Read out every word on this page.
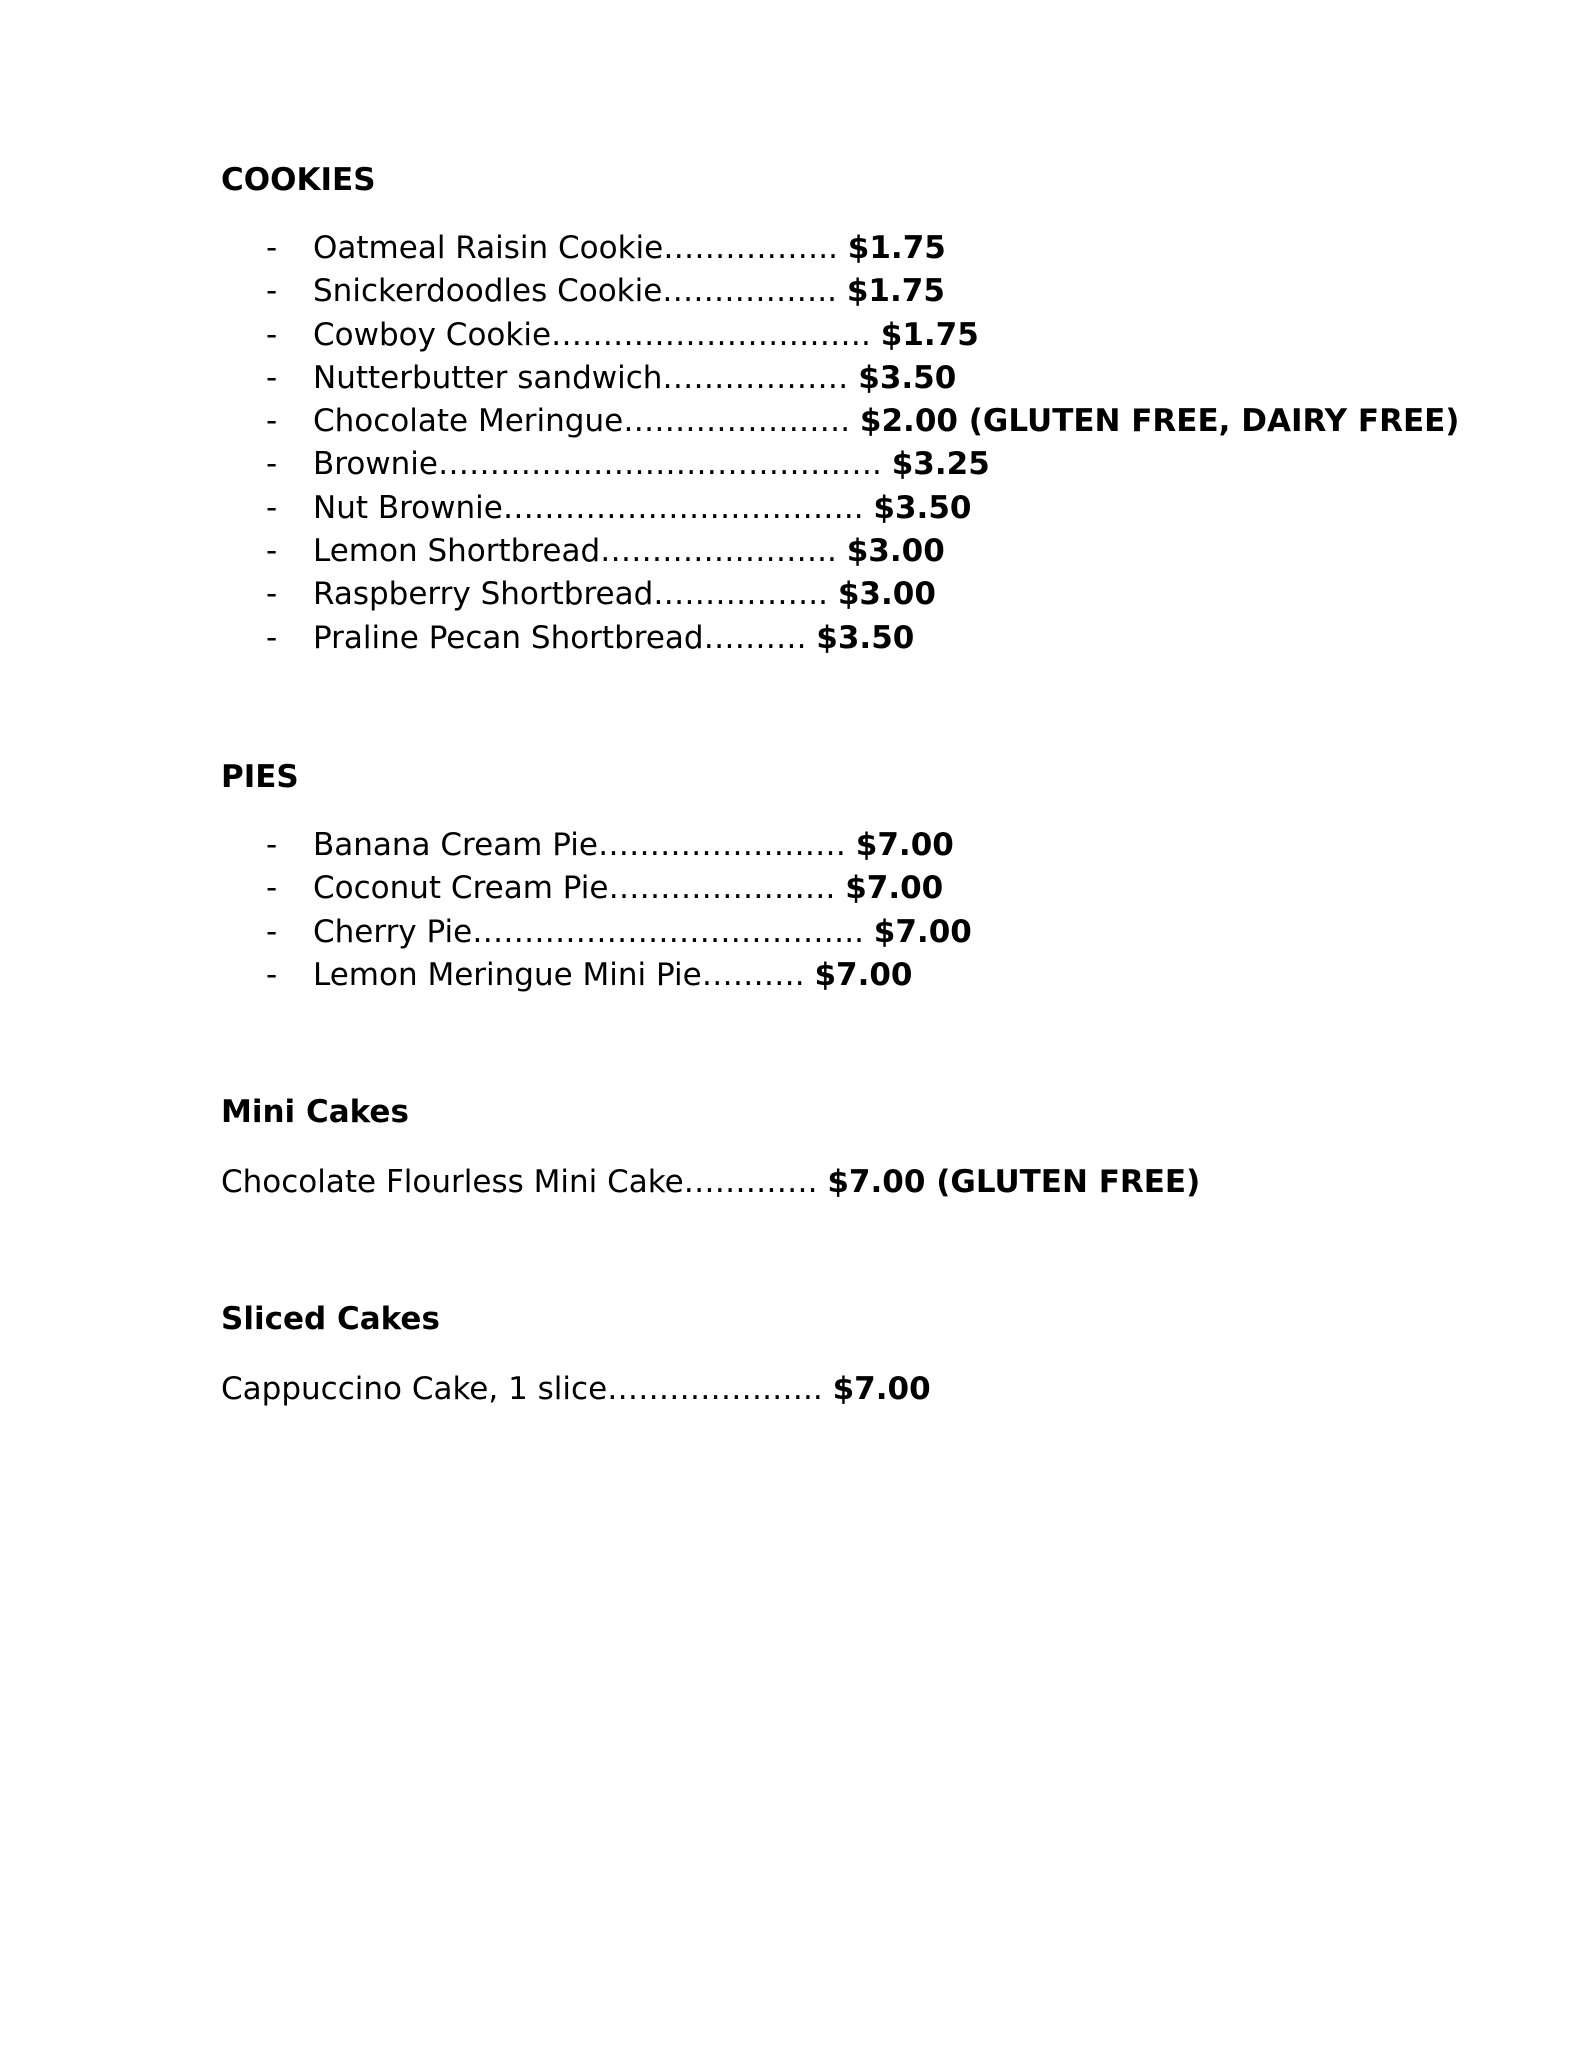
COOKIES
- Oatmeal Raisin Cookie…………….. $1.75
- Snickerdoodles Cookie…………….. $1.75
- Cowboy Cookie…………………………. $1.75
- Nutterbutter sandwich……………… $3.50
- Chocolate Meringue…………………. $2.00 (GLUTEN FREE, DAIRY FREE)
- Brownie……………………………………. $3.25
- Nut Brownie…………………………….. $3.50
- Lemon Shortbread………………….. $3.00
- Raspberry Shortbread…………….. $3.00
- Praline Pecan Shortbread………. $3.50
PIES
- Banana Cream Pie…………………… $7.00
- Coconut Cream Pie…………………. $7.00
- Cherry Pie……………………………….. $7.00
- Lemon Meringue Mini Pie………. $7.00
Mini Cakes
Chocolate Flourless Mini Cake…………. $7.00 (GLUTEN FREE)
Sliced Cakes
Cappuccino Cake, 1 slice…………….….. $7.00
